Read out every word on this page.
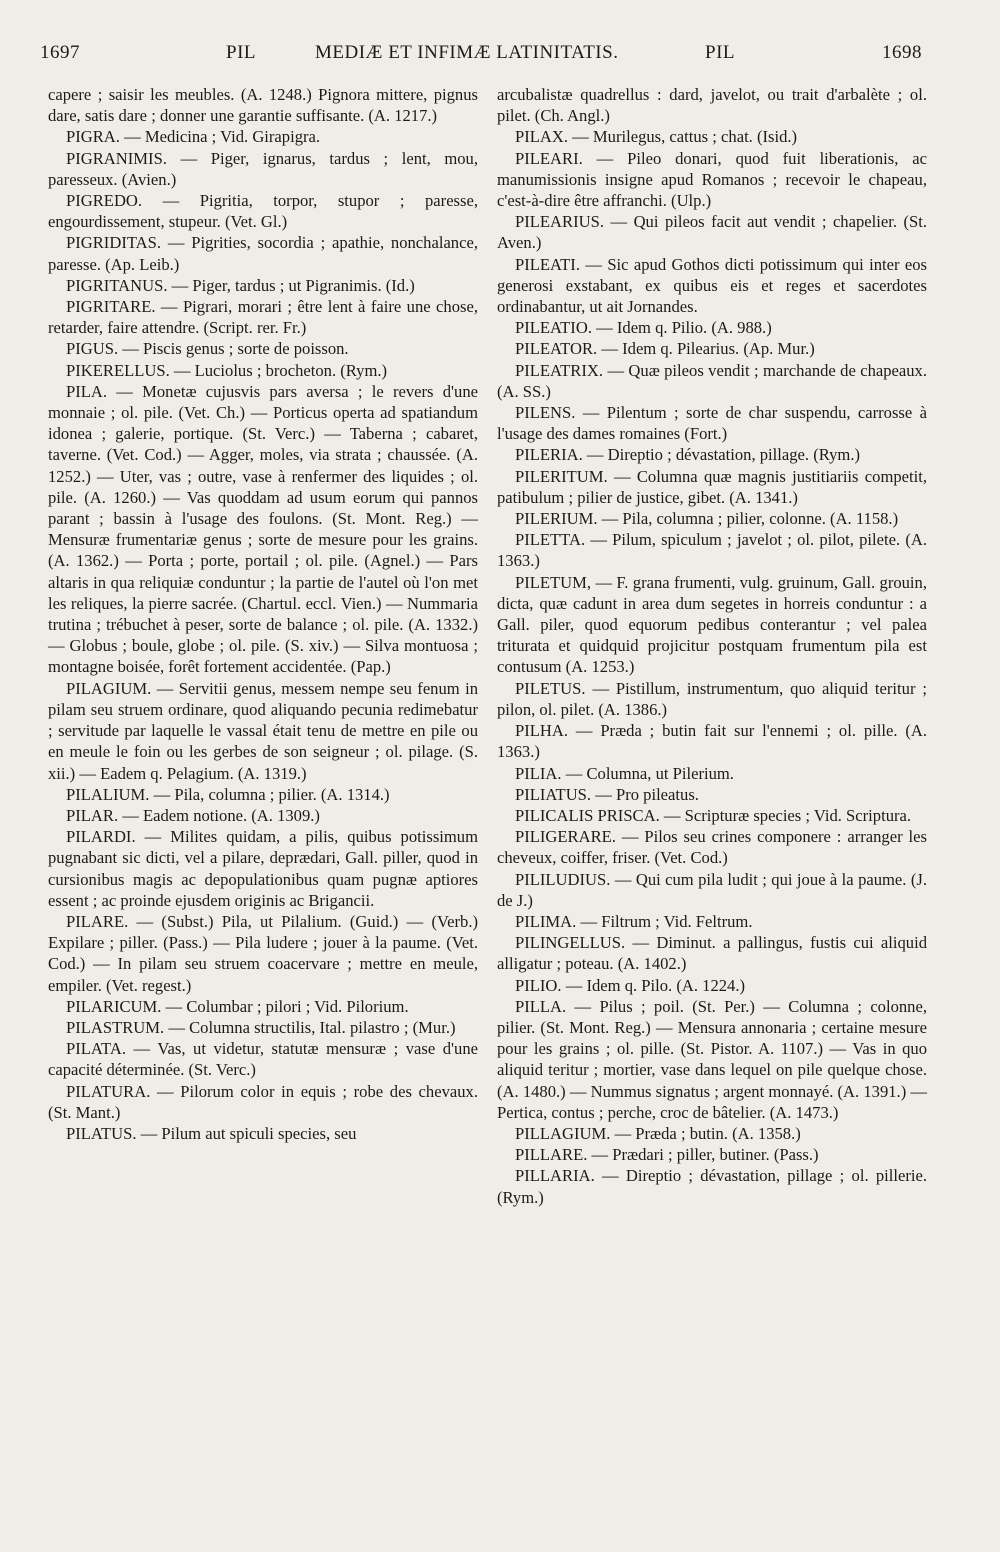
1697	PIL	MEDIÆ ET INFIMÆ LATINITATIS.	PIL	1698

capere ; saisir les meubles. (A. 1248.) Pignora mittere, pignus dare, satis dare ; donner une garantie suffisante. (A. 1217.)

PIGRA. — Medicina ; Vid. Girapigra.

PIGRANIMIS. — Piger, ignarus, tardus ; lent, mou, paresseux. (Avien.)

PIGREDO. — Pigritia, torpor, stupor ; paresse, engourdissement, stupeur. (Vet. Gl.)

PIGRIDITAS. — Pigrities, socordia ; apathie, nonchalance, paresse. (Ap. Leib.)

PIGRITANUS. — Piger, tardus ; ut Pigranimis. (Id.)

PIGRITARE. — Pigrari, morari ; être lent à faire une chose, retarder, faire attendre. (Script. rer. Fr.)

PIGUS. — Piscis genus ; sorte de poisson.

PIKERELLUS. — Luciolus ; brocheton. (Rym.)

PILA. — Monetæ cujusvis pars aversa ; le revers d'une monnaie ; ol. pile. (Vet. Ch.) — Porticus operta ad spatiandum idonea ; galerie, portique. (St. Verc.) — Taberna ; cabaret, taverne. (Vet. Cod.) — Agger, moles, via strata ; chaussée. (A. 1252.) — Uter, vas ; outre, vase à renfermer des liquides ; ol. pile. (A. 1260.) — Vas quoddam ad usum eorum qui pannos parant ; bassin à l'usage des foulons. (St. Mont. Reg.) — Mensuræ frumentariæ genus ; sorte de mesure pour les grains. (A. 1362.) — Porta ; porte, portail ; ol. pile. (Agnel.) — Pars altaris in qua reliquiæ conduntur ; la partie de l'autel où l'on met les reliques, la pierre sacrée. (Chartul. eccl. Vien.) — Nummaria trutina ; trébuchet à peser, sorte de balance ; ol. pile. (A. 1332.) — Globus ; boule, globe ; ol. pile. (S. xiv.) — Silva montuosa ; montagne boisée, forêt fortement accidentée. (Pap.)

PILAGIUM. — Servitii genus, messem nempe seu fenum in pilam seu struem ordinare, quod aliquando pecunia redimebatur ; servitude par laquelle le vassal était tenu de mettre en pile ou en meule le foin ou les gerbes de son seigneur ; ol. pilage. (S. xii.) — Eadem q. Pelagium. (A. 1319.)

PILALIUM. — Pila, columna ; pilier. (A. 1314.)

PILAR. — Eadem notione. (A. 1309.)

PILARDI. — Milites quidam, a pilis, quibus potissimum pugnabant sic dicti, vel a pilare, deprædari, Gall. piller, quod in cursionibus magis ac depopulationibus quam pugnæ aptiores essent ; ac proinde ejusdem originis ac Brigancii.

PILARE. — (Subst.) Pila, ut Pilalium. (Guid.) — (Verb.) Expilare ; piller. (Pass.) — Pila ludere ; jouer à la paume. (Vet. Cod.) — In pilam seu struem coacervare ; mettre en meule, empiler. (Vet. regest.)

PILARICUM. — Columbar ; pilori ; Vid. Pilorium.

PILASTRUM. — Columna structilis, Ital. pilastro ; (Mur.)

PILATA. — Vas, ut videtur, statutæ mensuræ ; vase d'une capacité déterminée. (St. Verc.)

PILATURA. — Pilorum color in equis ; robe des chevaux. (St. Mant.)

PILATUS. — Pilum aut spiculi species, seu

arcubalistæ quadrellus : dard, javelot, ou trait d'arbalète ; ol. pilet. (Ch. Angl.)

PILAX. — Murilegus, cattus ; chat. (Isid.)

PILEARI. — Pileo donari, quod fuit liberationis, ac manumissionis insigne apud Romanos ; recevoir le chapeau, c'est-à-dire être affranchi. (Ulp.)

PILEARIUS. — Qui pileos facit aut vendit ; chapelier. (St. Aven.)

PILEATI. — Sic apud Gothos dicti potissimum qui inter eos generosi exstabant, ex quibus eis et reges et sacerdotes ordinabantur, ut ait Jornandes.

PILEATIO. — Idem q. Pilio. (A. 988.)

PILEATOR. — Idem q. Pilearius. (Ap. Mur.)

PILEATRIX. — Quæ pileos vendit ; marchande de chapeaux. (A. SS.)

PILENS. — Pilentum ; sorte de char suspendu, carrosse à l'usage des dames romaines (Fort.)

PILERIA. — Direptio ; dévastation, pillage. (Rym.)

PILERITUM. — Columna quæ magnis justitiariis competit, patibulum ; pilier de justice, gibet. (A. 1341.)

PILERIUM. — Pila, columna ; pilier, colonne. (A. 1158.)

PILETTA. — Pilum, spiculum ; javelot ; ol. pilot, pilete. (A. 1363.)

PILETUM, — F. grana frumenti, vulg. gruinum, Gall. grouin, dicta, quæ cadunt in area dum segetes in horreis conduntur : a Gall. piler, quod equorum pedibus conterantur ; vel palea triturata et quidquid projicitur postquam frumentum pila est contusum (A. 1253.)

PILETUS. — Pistillum, instrumentum, quo aliquid teritur ; pilon, ol. pilet. (A. 1386.)

PILHA. — Præda ; butin fait sur l'ennemi ; ol. pille. (A. 1363.)

PILIA. — Columna, ut Pilerium.

PILIATUS. — Pro pileatus.

PILICALIS PRISCA. — Scripturæ species ; Vid. Scriptura.

PILIGERARE. — Pilos seu crines componere : arranger les cheveux, coiffer, friser. (Vet. Cod.)

PILILUDIUS. — Qui cum pila ludit ; qui joue à la paume. (J. de J.)

PILIMA. — Filtrum ; Vid. Feltrum.

PILINGELLUS. — Diminut. a pallingus, fustis cui aliquid alligatur ; poteau. (A. 1402.)

PILIO. — Idem q. Pilo. (A. 1224.)

PILLA. — Pilus ; poil. (St. Per.) — Columna ; colonne, pilier. (St. Mont. Reg.) — Mensura annonaria ; certaine mesure pour les grains ; ol. pille. (St. Pistor. A. 1107.) — Vas in quo aliquid teritur ; mortier, vase dans lequel on pile quelque chose. (A. 1480.) — Nummus signatus ; argent monnayé. (A. 1391.) — Pertica, contus ; perche, croc de bâtelier. (A. 1473.)

PILLAGIUM. — Præda ; butin. (A. 1358.)

PILLARE. — Prædari ; piller, butiner. (Pass.)

PILLARIA. — Direptio ; dévastation, pillage ; ol. pillerie. (Rym.)
